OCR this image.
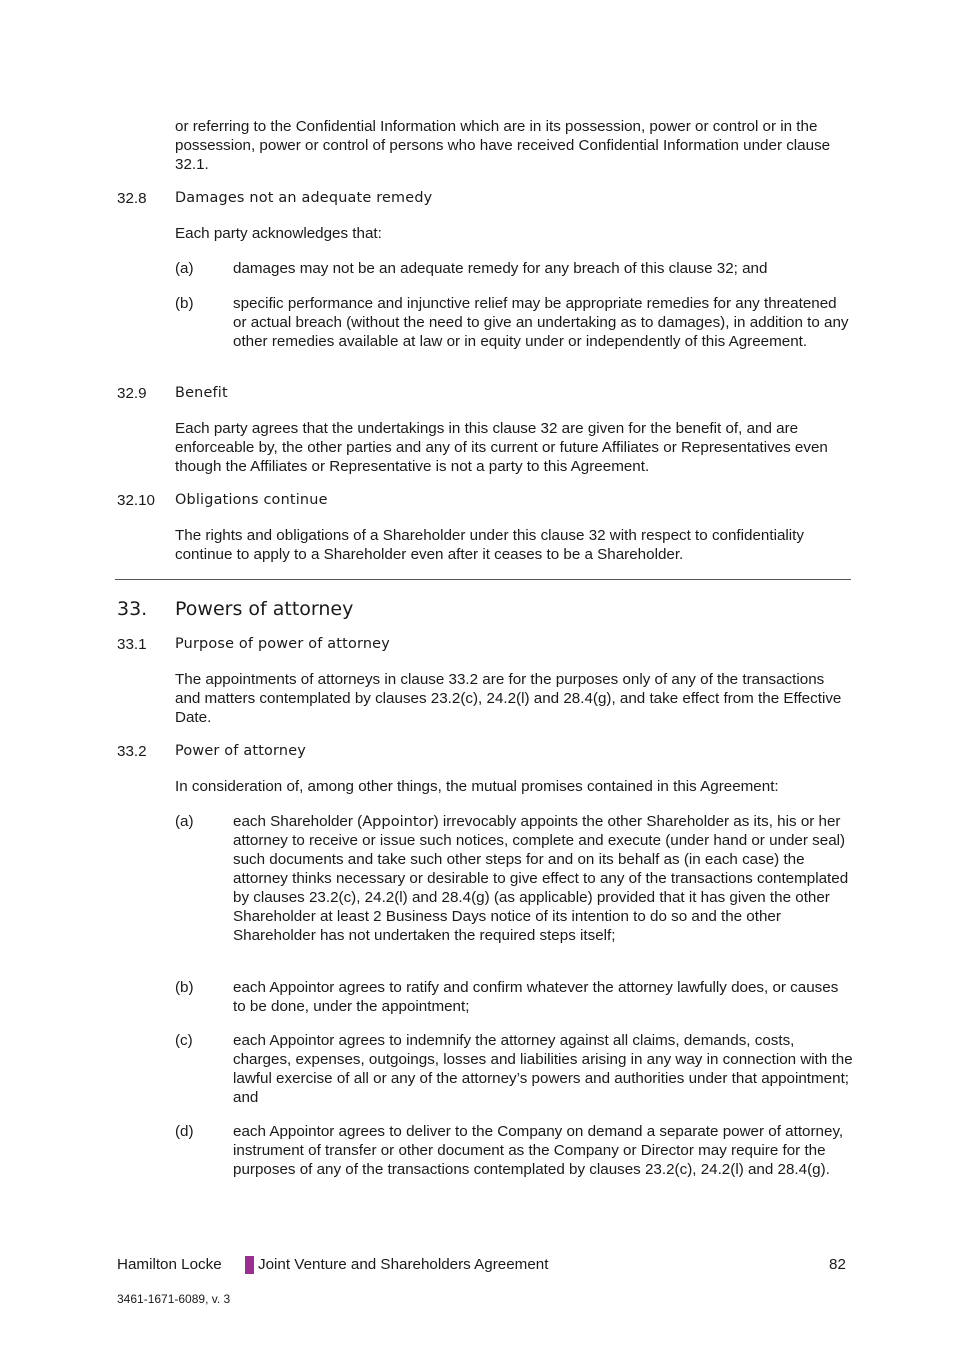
or referring to the Confidential Information which are in its possession, power or control or in the possession, power or control of persons who have received Confidential Information under clause 32.1.

32.8 Damages not an adequate remedy

Each party acknowledges that:

(a)	damages may not be an adequate remedy for any breach of this clause 32; and

(b)	specific performance and injunctive relief may be appropriate remedies for any threatened or actual breach (without the need to give an undertaking as to damages), in addition to any other remedies available at law or in equity under or independently of this Agreement.

32.9 Benefit

Each party agrees that the undertakings in this clause 32 are given for the benefit of, and are enforceable by, the other parties and any of its current or future Affiliates or Representatives even though the Affiliates or Representative is not a party to this Agreement.

32.10 Obligations continue

The rights and obligations of a Shareholder under this clause 32 with respect to confidentiality continue to apply to a Shareholder even after it ceases to be a Shareholder.

33. Powers of attorney
33.1 Purpose of power of attorney

The appointments of attorneys in clause 33.2 are for the purposes only of any of the transactions and matters contemplated by clauses 23.2(c), 24.2(l) and 28.4(g), and take effect from the Effective Date.

33.2 Power of attorney

In consideration of, among other things, the mutual promises contained in this Agreement:

(a)	each Shareholder (Appointor) irrevocably appoints the other Shareholder as its, his or her attorney to receive or issue such notices, complete and execute (under hand or under seal) such documents and take such other steps for and on its behalf as (in each case) the attorney thinks necessary or desirable to give effect to any of the transactions contemplated by clauses 23.2(c), 24.2(l) and 28.4(g) (as applicable) provided that it has given the other Shareholder at least 2 Business Days notice of its intention to do so and the other Shareholder has not undertaken the required steps itself;

(b)	each Appointor agrees to ratify and confirm whatever the attorney lawfully does, or causes to be done, under the appointment;

(c)	each Appointor agrees to indemnify the attorney against all claims, demands, costs, charges, expenses, outgoings, losses and liabilities arising in any way in connection with the lawful exercise of all or any of the attorney’s powers and authorities under that appointment; and

(d)	each Appointor agrees to deliver to the Company on demand a separate power of attorney, instrument of transfer or other document as the Company or Director may require for the purposes of any of the transactions contemplated by clauses 23.2(c), 24.2(l) and 28.4(g).

Hamilton Locke Joint Venture and Shareholders Agreement	82
3461-1671-6089, v. 3
